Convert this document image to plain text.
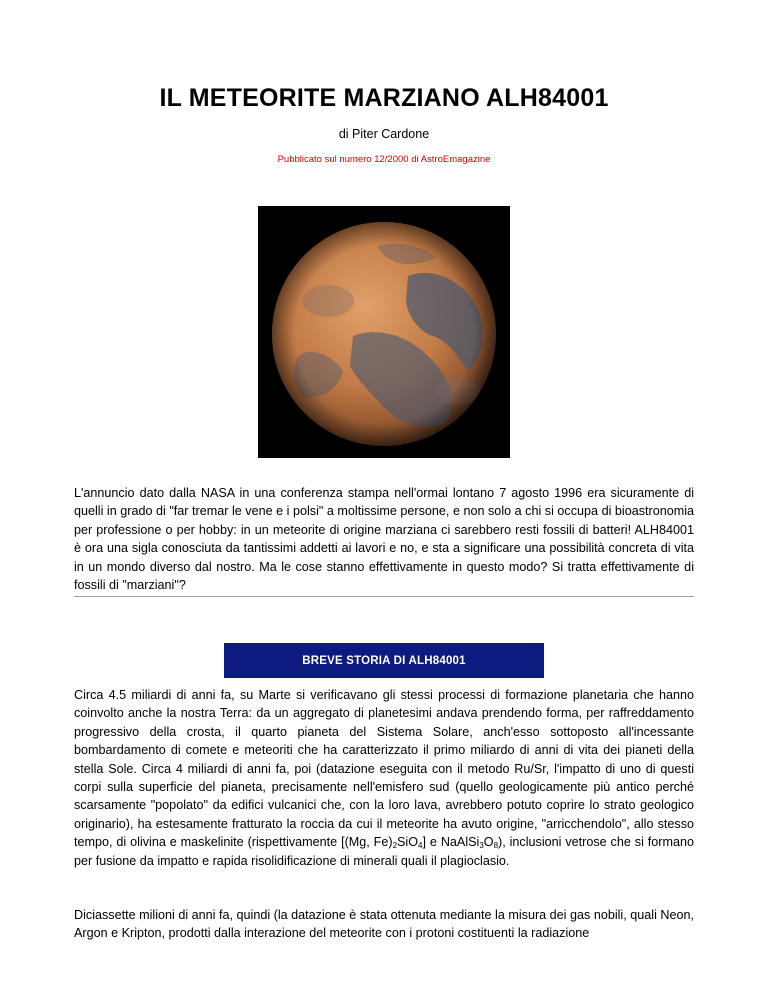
IL METEORITE MARZIANO ALH84001
di Piter Cardone
Pubblicato sul numero 12/2000 di AstroEmagazine

L'annuncio dato dalla NASA in una conferenza stampa nell'ormai lontano 7 agosto 1996 era sicuramente di quelli in grado di "far tremar le vene e i polsi" a moltissime persone, e non solo a chi si occupa di bioastronomia per professione o per hobby: in un meteorite di origine marziana ci sarebbero resti fossili di batteri! ALH84001 è ora una sigla conosciuta da tantissimi addetti ai lavori e no, e sta a significare una possibilità concreta di vita in un mondo diverso dal nostro. Ma le cose stanno effettivamente in questo modo? Si tratta effettivamente di fossili di "marziani"?

BREVE STORIA DI ALH84001

Circa 4.5 miliardi di anni fa, su Marte si verificavano gli stessi processi di formazione planetaria che hanno coinvolto anche la nostra Terra: da un aggregato di planetesimi andava prendendo forma, per raffreddamento progressivo della crosta, il quarto pianeta del Sistema Solare, anch'esso sottoposto all'incessante bombardamento di comete e meteoriti che ha caratterizzato il primo miliardo di anni di vita dei pianeti della stella Sole. Circa 4 miliardi di anni fa, poi (datazione eseguita con il metodo Ru/Sr, l'impatto di uno di questi corpi sulla superficie del pianeta, precisamente nell'emisfero sud (quello geologicamente più antico perché scarsamente "popolato" da edifici vulcanici che, con la loro lava, avrebbero potuto coprire lo strato geologico originario), ha estesamente fratturato la roccia da cui il meteorite ha avuto origine, "arricchendolo", allo stesso tempo, di olivina e maskelinite (rispettivamente [(Mg, $Fe)_2SiO_4$] e $NaAlSi_3O_8$), inclusioni vetrose che si formano per fusione da impatto e rapida risolidificazione di minerali quali il plagioclasio.

Diciassette milioni di anni fa, quindi (la datazione è stata ottenuta mediante la misura dei gas nobili, quali Neon, Argon e Kripton, prodotti dalla interazione del meteorite con i protoni costituenti la radiazione
